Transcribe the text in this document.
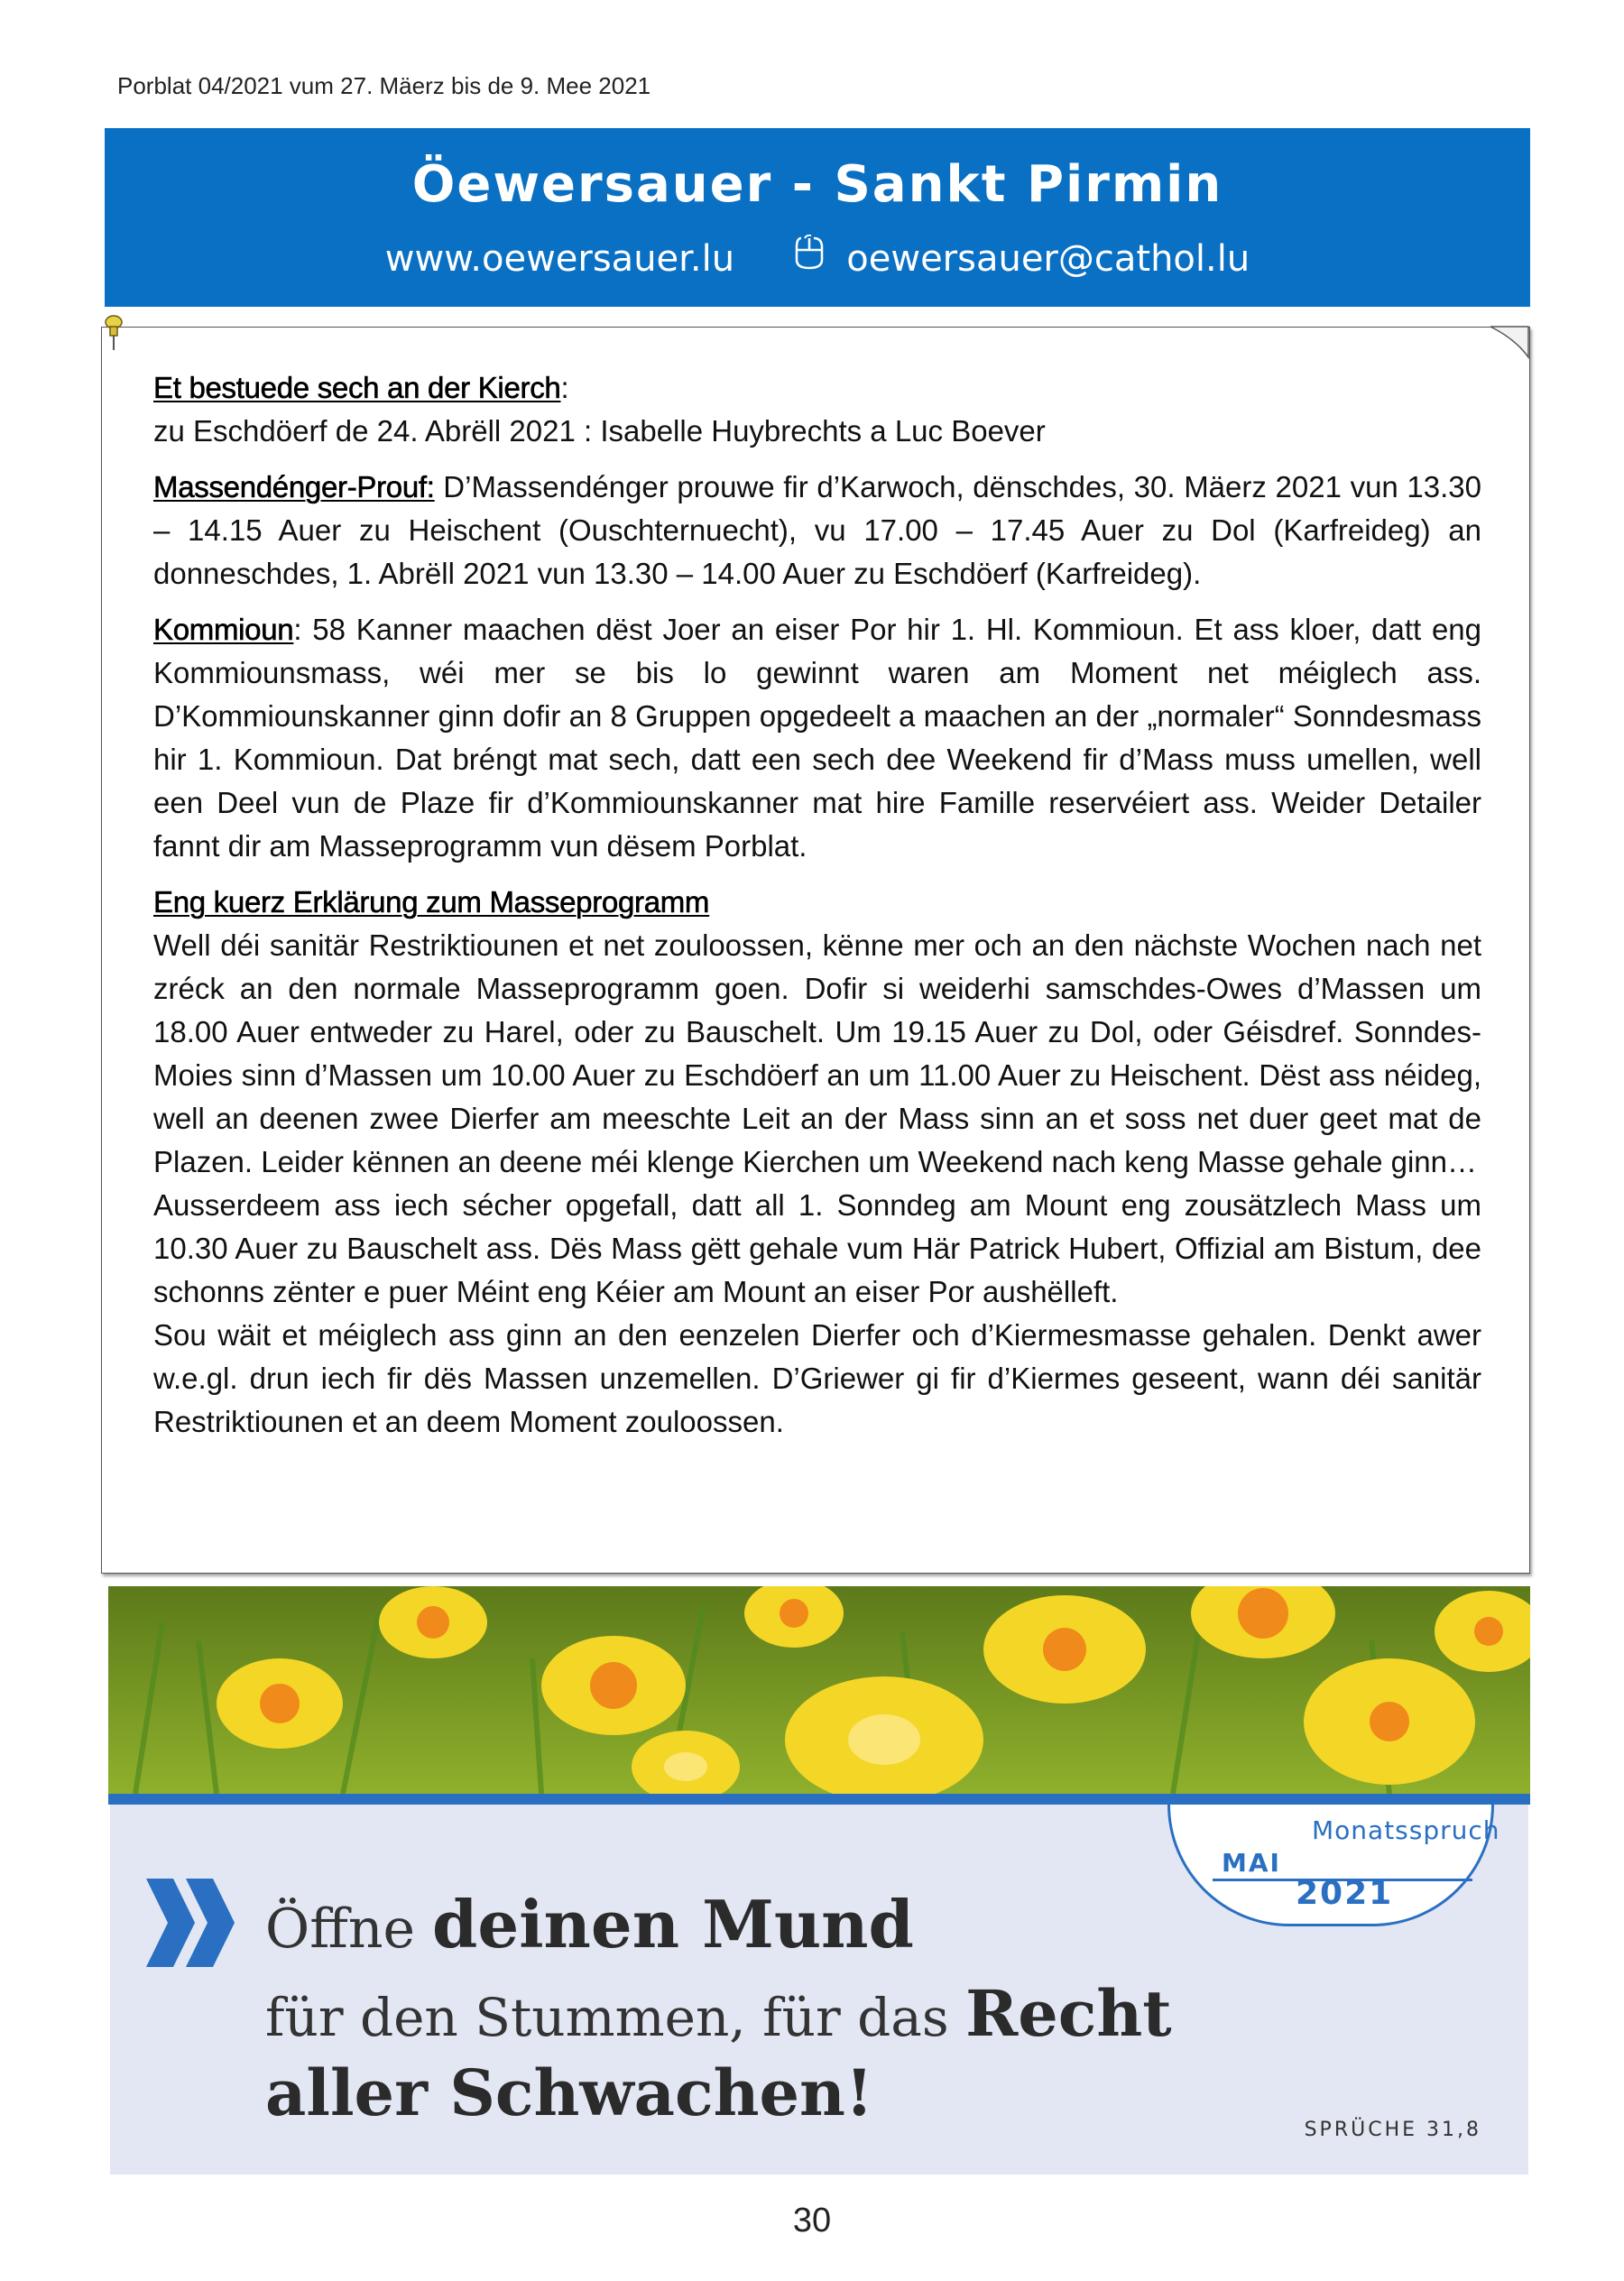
Porblat 04/2021 vum 27. Mäerz bis de 9. Mee 2021
Öewersauer - Sankt Pirmin
www.oewersauer.lu	oewersauer@cathol.lu

Et bestuede sech an der Kierch:
zu Eschdöerf de 24. Abrëll 2021 : Isabelle Huybrechts a Luc Boever

Massendénger-Prouf: D’Massendénger prouwe fir d’Karwoch, dënschdes, 30. Mäerz 2021 vun 13.30 – 14.15 Auer zu Heischent (Ouschternuecht), vu 17.00 – 17.45 Auer zu Dol (Karfreideg) an donneschdes, 1. Abrëll 2021 vun 13.30 – 14.00 Auer zu Eschdöerf (Karfreideg).

Kommioun: 58 Kanner maachen dëst Joer an eiser Por hir 1. Hl. Kommioun. Et ass kloer, datt eng Kommiounsmass, wéi mer se bis lo gewinnt waren am Moment net méiglech ass. D’Kommiounskanner ginn dofir an 8 Gruppen opgedeelt a maachen an der „normaler“ Sonndesmass hir 1. Kommioun. Dat bréngt mat sech, datt een sech dee Weekend fir d’Mass muss umellen, well een Deel vun de Plaze fir d’Kommiounskanner mat hire Famille reservéiert ass. Weider Detailer fannt dir am Masseprogramm vun dësem Porblat.

Eng kuerz Erklärung zum Masseprogramm
Well déi sanitär Restriktiounen et net zouloossen, kënne mer och an den nächste Wochen nach net zréck an den normale Masseprogramm goen. Dofir si weiderhi samschdes-Owes d’Massen um 18.00 Auer entweder zu Harel, oder zu Bauschelt. Um 19.15 Auer zu Dol, oder Géisdref. Sonndes-Moies sinn d’Massen um 10.00 Auer zu Eschdöerf an um 11.00 Auer zu Heischent. Dëst ass néideg, well an deenen zwee Dierfer am meeschte Leit an der Mass sinn an et soss net duer geet mat de Plazen. Leider kënnen an deene méi klenge Kierchen um Weekend nach keng Masse gehale ginn…
Ausserdeem ass iech sécher opgefall, datt all 1. Sonndeg am Mount eng zousätzlech Mass um 10.30 Auer zu Bauschelt ass. Dës Mass gëtt gehale vum Här Patrick Hubert, Offizial am Bistum, dee schonns zënter e puer Méint eng Kéier am Mount an eiser Por aushëlleft.
Sou wäit et méiglech ass ginn an den eenzelen Dierfer och d’Kiermesmasse gehalen. Denkt awer w.e.gl. drun iech fir dës Massen unzemellen. D’Griewer gi fir d’Kiermes geseent, wann déi sanitär Restriktiounen et an deem Moment zouloossen.
Öffne deinen Mund
für den Stummen, für das Recht
aller Schwachen!	SPRÜCHE 31,8
Monatsspruch
MAI
2021
30
